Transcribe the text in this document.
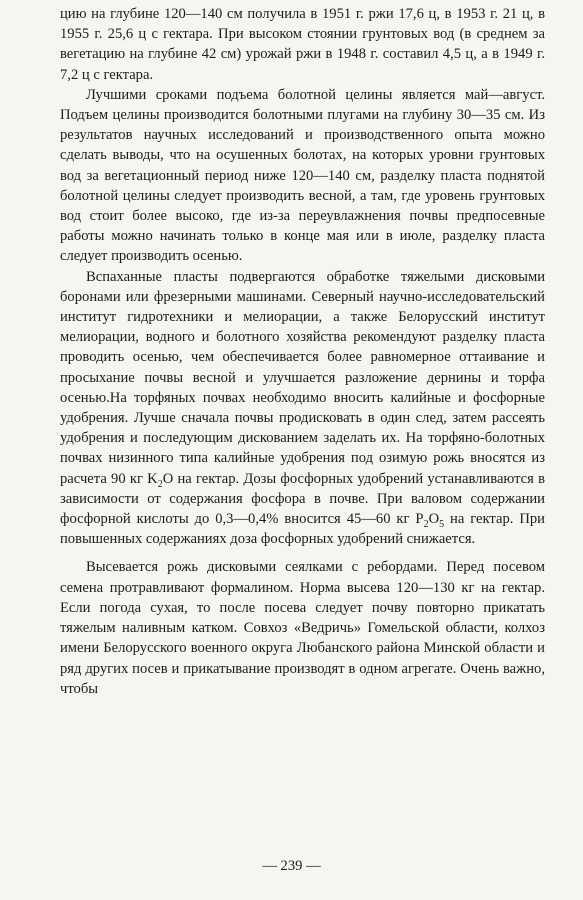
цию на глубине 120—140 см получила в 1951 г. ржи 17,6 ц, в 1953 г. 21 ц, в 1955 г. 25,6 ц с гектара. При высоком стоянии грунтовых вод (в среднем за вегетацию на глубине 42 см) урожай ржи в 1948 г. составил 4,5 ц, а в 1949 г. 7,2 ц с гектара.

Лучшими сроками подъема болотной целины является май—август. Подъем целины производится болотными плугами на глубину 30—35 см. Из результатов научных исследований и производственного опыта можно сделать выводы, что на осушенных болотах, на которых уровни грунтовых вод за вегетационный период ниже 120—140 см, разделку пласта поднятой болотной целины следует производить весной, а там, где уровень грунтовых вод стоит более высоко, где из-за переувлажнения почвы предпосевные работы можно начинать только в конце мая или в июле, разделку пласта следует производить осенью.

Вспаханные пласты подвергаются обработке тяжелыми дисковыми боронами или фрезерными машинами. Северный научно-исследовательский институт гидротехники и мелиорации, а также Белорусский институт мелиорации, водного и болотного хозяйства рекомендуют разделку пласта проводить осенью, чем обеспечивается более равномерное оттаивание и просыхание почвы весной и улучшается разложение дернины и торфа осенью.На торфяных почвах необходимо вносить калийные и фосфорные удобрения. Лучше сначала почвы продисковать в один след, затем рассеять удобрения и последующим дискованием заделать их. На торфяно-болотных почвах низинного типа калийные удобрения под озимую рожь вносятся из расчета 90 кг $K_2O$ на гектар. Дозы фосфорных удобрений устанавливаются в зависимости от содержания фосфора в почве. При валовом содержании фосфорной кислоты до 0,3—0,4% вносится 45—60 кг $P_2O_5$ на гектар. При повышенных содержаниях доза фосфорных удобрений снижается.

Высевается рожь дисковыми сеялками с ребордами. Перед посевом семена протравливают формалином. Норма высева 120—130 кг на гектар. Если погода сухая, то после посева следует почву повторно прикатать тяжелым наливным катком. Совхоз «Ведричь» Гомельской области, колхоз имени Белорусского военного округа Любанского района Минской области и ряд других посев и прикатывание производят в одном агрегате. Очень важно, чтобы

— 239 —
